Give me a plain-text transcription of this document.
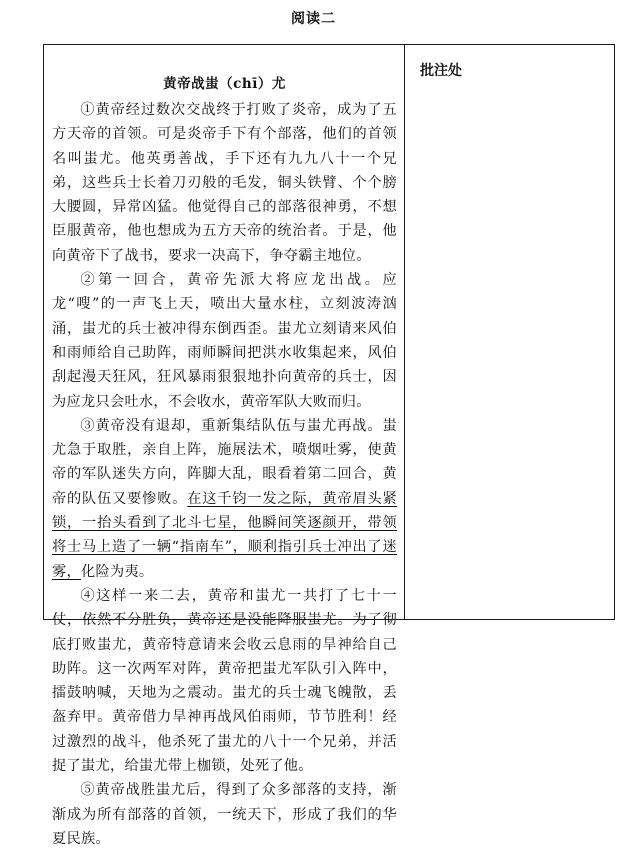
阅读二
批注处
黄帝战蚩（chī）尤

①黄帝经过数次交战终于打败了炎帝，成为了五方天帝的首领。可是炎帝手下有个部落，他们的首领名叫蚩尤。他英勇善战，手下还有九九八十一个兄弟，这些兵士长着刀刃般的毛发，铜头铁臂、个个膀大腰圆，异常凶猛。他觉得自己的部落很神勇，不想臣服黄帝，他也想成为五方天帝的统治者。于是，他向黄帝下了战书，要求一决高下，争夺霸主地位。

②第一回合，黄帝先派大将应龙出战。应龙“嗖”的一声飞上天，喷出大量水柱，立刻波涛汹涌，蚩尤的兵士被冲得东倒西歪。蚩尤立刻请来风伯和雨师给自己助阵，雨师瞬间把洪水收集起来，风伯刮起漫天狂风，狂风暴雨狠狠地扑向黄帝的兵士，因为应龙只会吐水，不会收水，黄帝军队大败而归。

③黄帝没有退却，重新集结队伍与蚩尤再战。蚩尤急于取胜，亲自上阵，施展法术，喷烟吐雾，使黄帝的军队迷失方向，阵脚大乱，眼看着第二回合，黄帝的队伍又要惨败。在这千钧一发之际，黄帝眉头紧锁，一抬头看到了北斗七星，他瞬间笑逐颜开，带领将士马上造了一辆“指南车”，顺利指引兵士冲出了迷雾，化险为夷。

④这样一来二去，黄帝和蚩尤一共打了七十一仗，依然不分胜负，黄帝还是没能降服蚩尤。为了彻底打败蚩尤，黄帝特意请来会收云息雨的旱神给自己助阵。这一次两军对阵，黄帝把蚩尤军队引入阵中，擂鼓呐喊，天地为之震动。蚩尤的兵士魂飞魄散，丢盔弃甲。黄帝借力旱神再战风伯雨师，节节胜利！经过激烈的战斗，他杀死了蚩尤的八十一个兄弟，并活捉了蚩尤，给蚩尤带上枷锁，处死了他。

⑤黄帝战胜蚩尤后，得到了众多部落的支持，渐渐成为所有部落的首领，一统天下，形成了我们的华夏民族。
